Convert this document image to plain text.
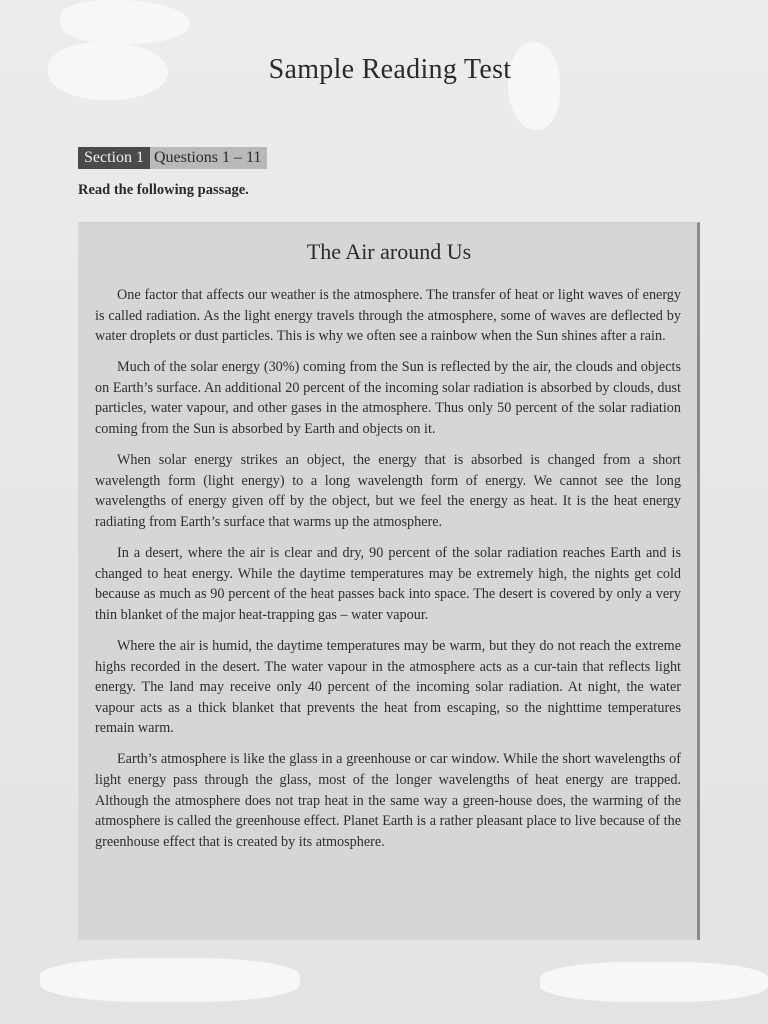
Sample Reading Test
Section 1 Questions 1 – 11
Read the following passage.
The Air around Us

One factor that affects our weather is the atmosphere. The transfer of heat or light waves of energy is called radiation. As the light energy travels through the atmosphere, some of waves are deflected by water droplets or dust particles. This is why we often see a rainbow when the Sun shines after a rain.

Much of the solar energy (30%) coming from the Sun is reflected by the air, the clouds and objects on Earth’s surface. An additional 20 percent of the incoming solar radiation is absorbed by clouds, dust particles, water vapour, and other gases in the atmosphere. Thus only 50 percent of the solar radiation coming from the Sun is absorbed by Earth and objects on it.

When solar energy strikes an object, the energy that is absorbed is changed from a short wavelength form (light energy) to a long wavelength form of energy. We cannot see the long wavelengths of energy given off by the object, but we feel the energy as heat. It is the heat energy radiating from Earth’s surface that warms up the atmosphere.

In a desert, where the air is clear and dry, 90 percent of the solar radiation reaches Earth and is changed to heat energy. While the daytime temperatures may be extremely high, the nights get cold because as much as 90 percent of the heat passes back into space. The desert is covered by only a very thin blanket of the major heat-trapping gas – water vapour.

Where the air is humid, the daytime temperatures may be warm, but they do not reach the extreme highs recorded in the desert. The water vapour in the atmosphere acts as a cur-tain that reflects light energy. The land may receive only 40 percent of the incoming solar radiation. At night, the water vapour acts as a thick blanket that prevents the heat from escaping, so the nighttime temperatures remain warm.

Earth’s atmosphere is like the glass in a greenhouse or car window. While the short wavelengths of light energy pass through the glass, most of the longer wavelengths of heat energy are trapped. Although the atmosphere does not trap heat in the same way a green-house does, the warming of the atmosphere is called the greenhouse effect. Planet Earth is a rather pleasant place to live because of the greenhouse effect that is created by its atmosphere.
